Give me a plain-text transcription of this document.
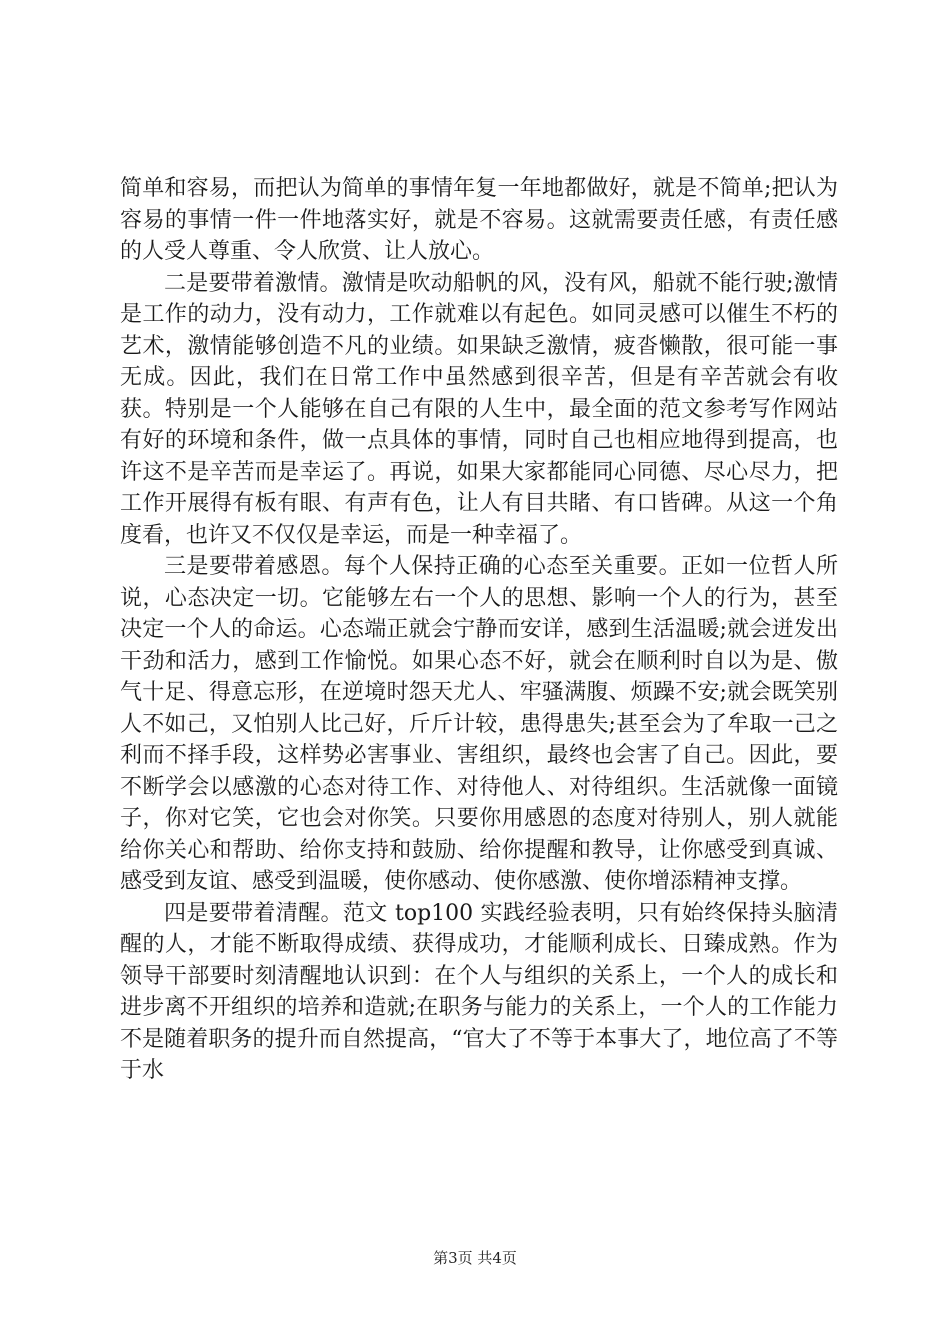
简单和容易，而把认为简单的事情年复一年地都做好，就是不简单;把认为容易的事情一件一件地落实好，就是不容易。这就需要责任感，有责任感的人受人尊重、令人欣赏、让人放心。

二是要带着激情。激情是吹动船帆的风，没有风，船就不能行驶;激情是工作的动力，没有动力，工作就难以有起色。如同灵感可以催生不朽的艺术，激情能够创造不凡的业绩。如果缺乏激情，疲沓懒散，很可能一事无成。因此，我们在日常工作中虽然感到很辛苦，但是有辛苦就会有收获。特别是一个人能够在自己有限的人生中，最全面的范文参考写作网站有好的环境和条件，做一点具体的事情，同时自己也相应地得到提高，也许这不是辛苦而是幸运了。再说，如果大家都能同心同德、尽心尽力，把工作开展得有板有眼、有声有色，让人有目共睹、有口皆碑。从这一个角度看，也许又不仅仅是幸运，而是一种幸福了。

三是要带着感恩。每个人保持正确的心态至关重要。正如一位哲人所说，心态决定一切。它能够左右一个人的思想、影响一个人的行为，甚至决定一个人的命运。心态端正就会宁静而安详，感到生活温暖;就会迸发出干劲和活力，感到工作愉悦。如果心态不好，就会在顺利时自以为是、傲气十足、得意忘形，在逆境时怨天尤人、牢骚满腹、烦躁不安;就会既笑别人不如己，又怕别人比己好，斤斤计较，患得患失;甚至会为了牟取一己之利而不择手段，这样势必害事业、害组织，最终也会害了自己。因此，要不断学会以感激的心态对待工作、对待他人、对待组织。生活就像一面镜子，你对它笑，它也会对你笑。只要你用感恩的态度对待别人，别人就能给你关心和帮助、给你支持和鼓励、给你提醒和教导，让你感受到真诚、感受到友谊、感受到温暖，使你感动、使你感激、使你增添精神支撑。

四是要带着清醒。范文 top100 实践经验表明，只有始终保持头脑清醒的人，才能不断取得成绩、获得成功，才能顺利成长、日臻成熟。作为领导干部要时刻清醒地认识到：在个人与组织的关系上，一个人的成长和进步离不开组织的培养和造就;在职务与能力的关系上，一个人的工作能力不是随着职务的提升而自然提高，“官大了不等于本事大了，地位高了不等于水

第3页 共4页
